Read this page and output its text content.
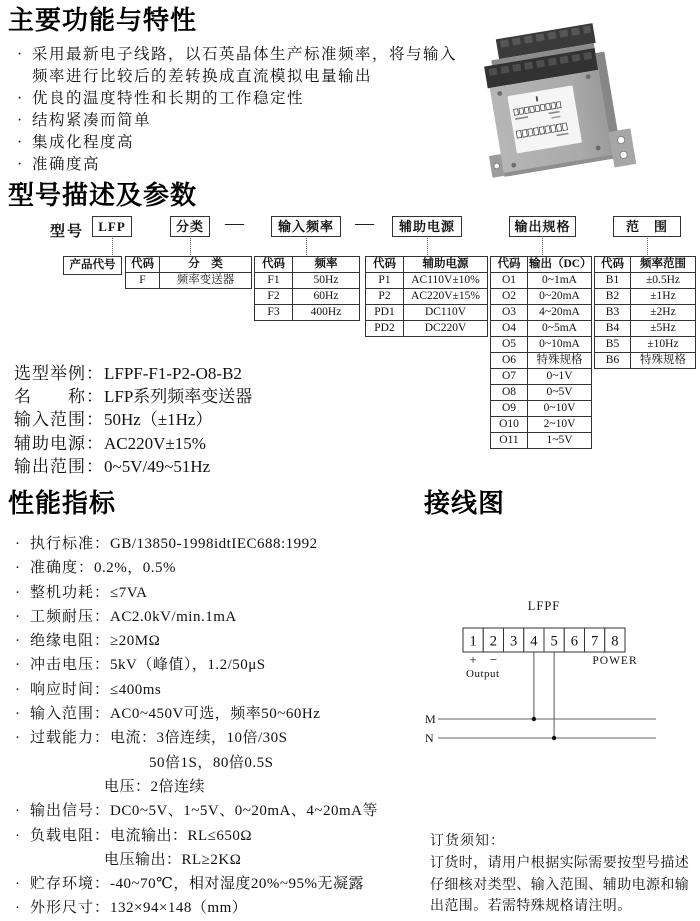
主要功能与特性
· 采用最新电子线路，以石英晶体生产标准频率，将与输入频率进行比较后的差转换成直流模拟电量输出
· 优良的温度特性和长期的工作稳定性
· 结构紧凑而简单
· 集成化程度高
· 准确度高
型号描述及参数
型号	LFP	分类	—	输入频率	—	辅助电源	输出规格	范　围
产品代号	代码	分　类
F	频率变送器
代码	频率
F1	50Hz
F2	60Hz
F3	400Hz
代码	辅助电源
P1	AC110V±10%
P2	AC220V±15%
PD1	DC110V
PD2	DC220V
代码	输出（DC）
O1	0~1mA
O2	0~20mA
O3	4~20mA
O4	0~5mA
O5	0~10mA
O6	特殊规格
O7	0~1V
O8	0~5V
O9	0~10V
O10	2~10V
O11	1~5V
代码	频率范围
B1	±0.5Hz
B2	±1Hz
B3	±2Hz
B4	±5Hz
B5	±10Hz
B6	特殊规格
选型举例：LFPF-F1-P2-O8-B2
名　　称：LFP系列频率变送器
输入范围：50Hz（±1Hz）
辅助电源：AC220V±15%
输出范围：0~5V/49~51Hz
性能指标
· 执行标准：GB/13850-1998idtIEC688:1992
· 准确度：0.2%，0.5%
· 整机功耗：≤7VA
· 工频耐压：AC2.0kV/min.1mA
· 绝缘电阻：≥20MΩ
· 冲击电压：5kV（峰值），1.2/50μS
· 响应时间：≤400ms
· 输入范围：AC0~450V可选，频率50~60Hz
· 过载能力：电流：3倍连续，10倍/30S
50倍1S，80倍0.5S
电压：2倍连续
· 输出信号：DC0~5V、1~5V、0~20mA、4~20mA等
· 负载电阻：电流输出：RL≤650Ω
电压输出：RL≥2KΩ
· 贮存环境：-40~70℃，相对湿度20%~95%无凝露
· 外形尺寸：132×94×148（mm）
接线图
LFPF
1 2 3 4 5 6 7 8
+ −
Output
POWER
M
N
订货须知：
订货时，请用户根据实际需要按型号描述仔细核对类型、输入范围、辅助电源和输出范围。若需特殊规格请注明。
